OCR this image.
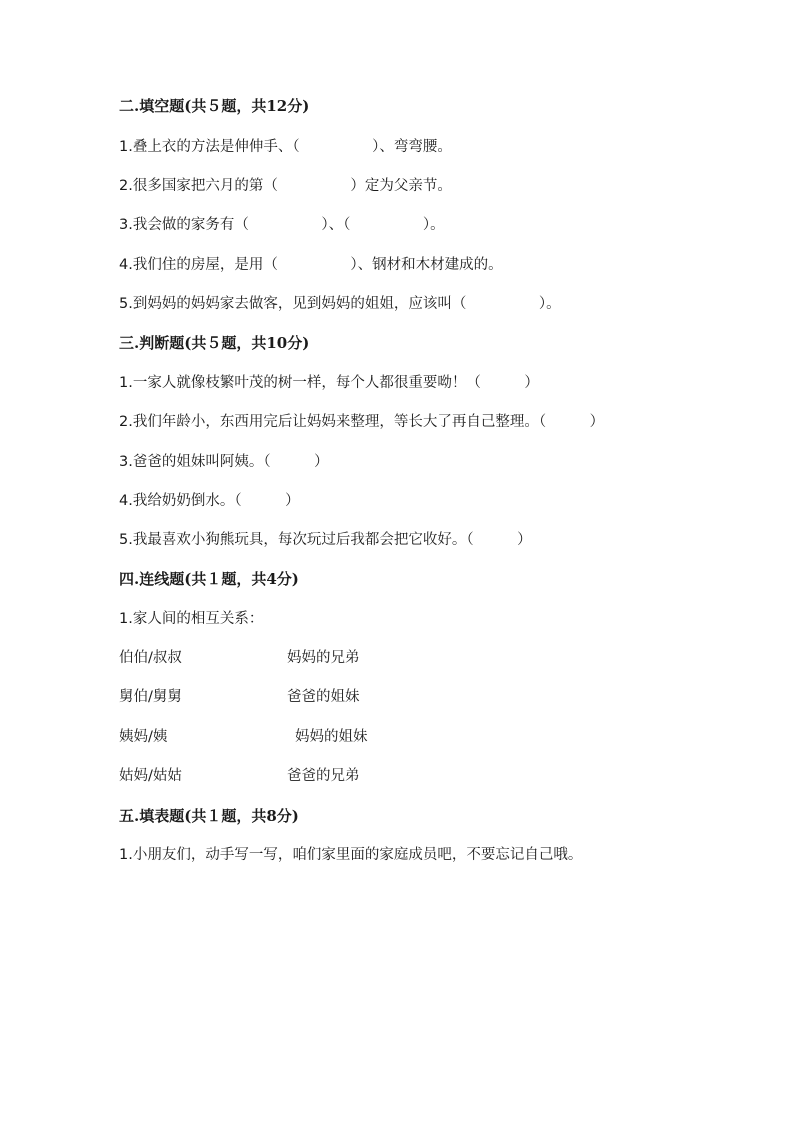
二.填空题(共５题，共12分)
1.叠上衣的方法是伸伸手、（　　　　　）、弯弯腰。
2.很多国家把六月的第（　　　　　）定为父亲节。
3.我会做的家务有（　　　　　）、（　　　　　）。
4.我们住的房屋，是用（　　　　　）、钢材和木材建成的。
5.到妈妈的妈妈家去做客，见到妈妈的姐姐，应该叫（　　　　　）。
三.判断题(共５题，共10分)
1.一家人就像枝繁叶茂的树一样，每个人都很重要呦！（　　　）
2.我们年龄小，东西用完后让妈妈来整理，等长大了再自己整理。（　　　）
3.爸爸的姐妹叫阿姨。（　　　）
4.我给奶奶倒水。（　　　）
5.我最喜欢小狗熊玩具，每次玩过后我都会把它收好。（　　　）
四.连线题(共１题，共4分)
1.家人间的相互关系：
伯伯/叔叔	妈妈的兄弟
舅伯/舅舅	爸爸的姐妹
姨妈/姨	妈妈的姐妹
姑妈/姑姑	爸爸的兄弟
五.填表题(共１题，共8分)
1.小朋友们，动手写一写，咱们家里面的家庭成员吧，不要忘记自己哦。
